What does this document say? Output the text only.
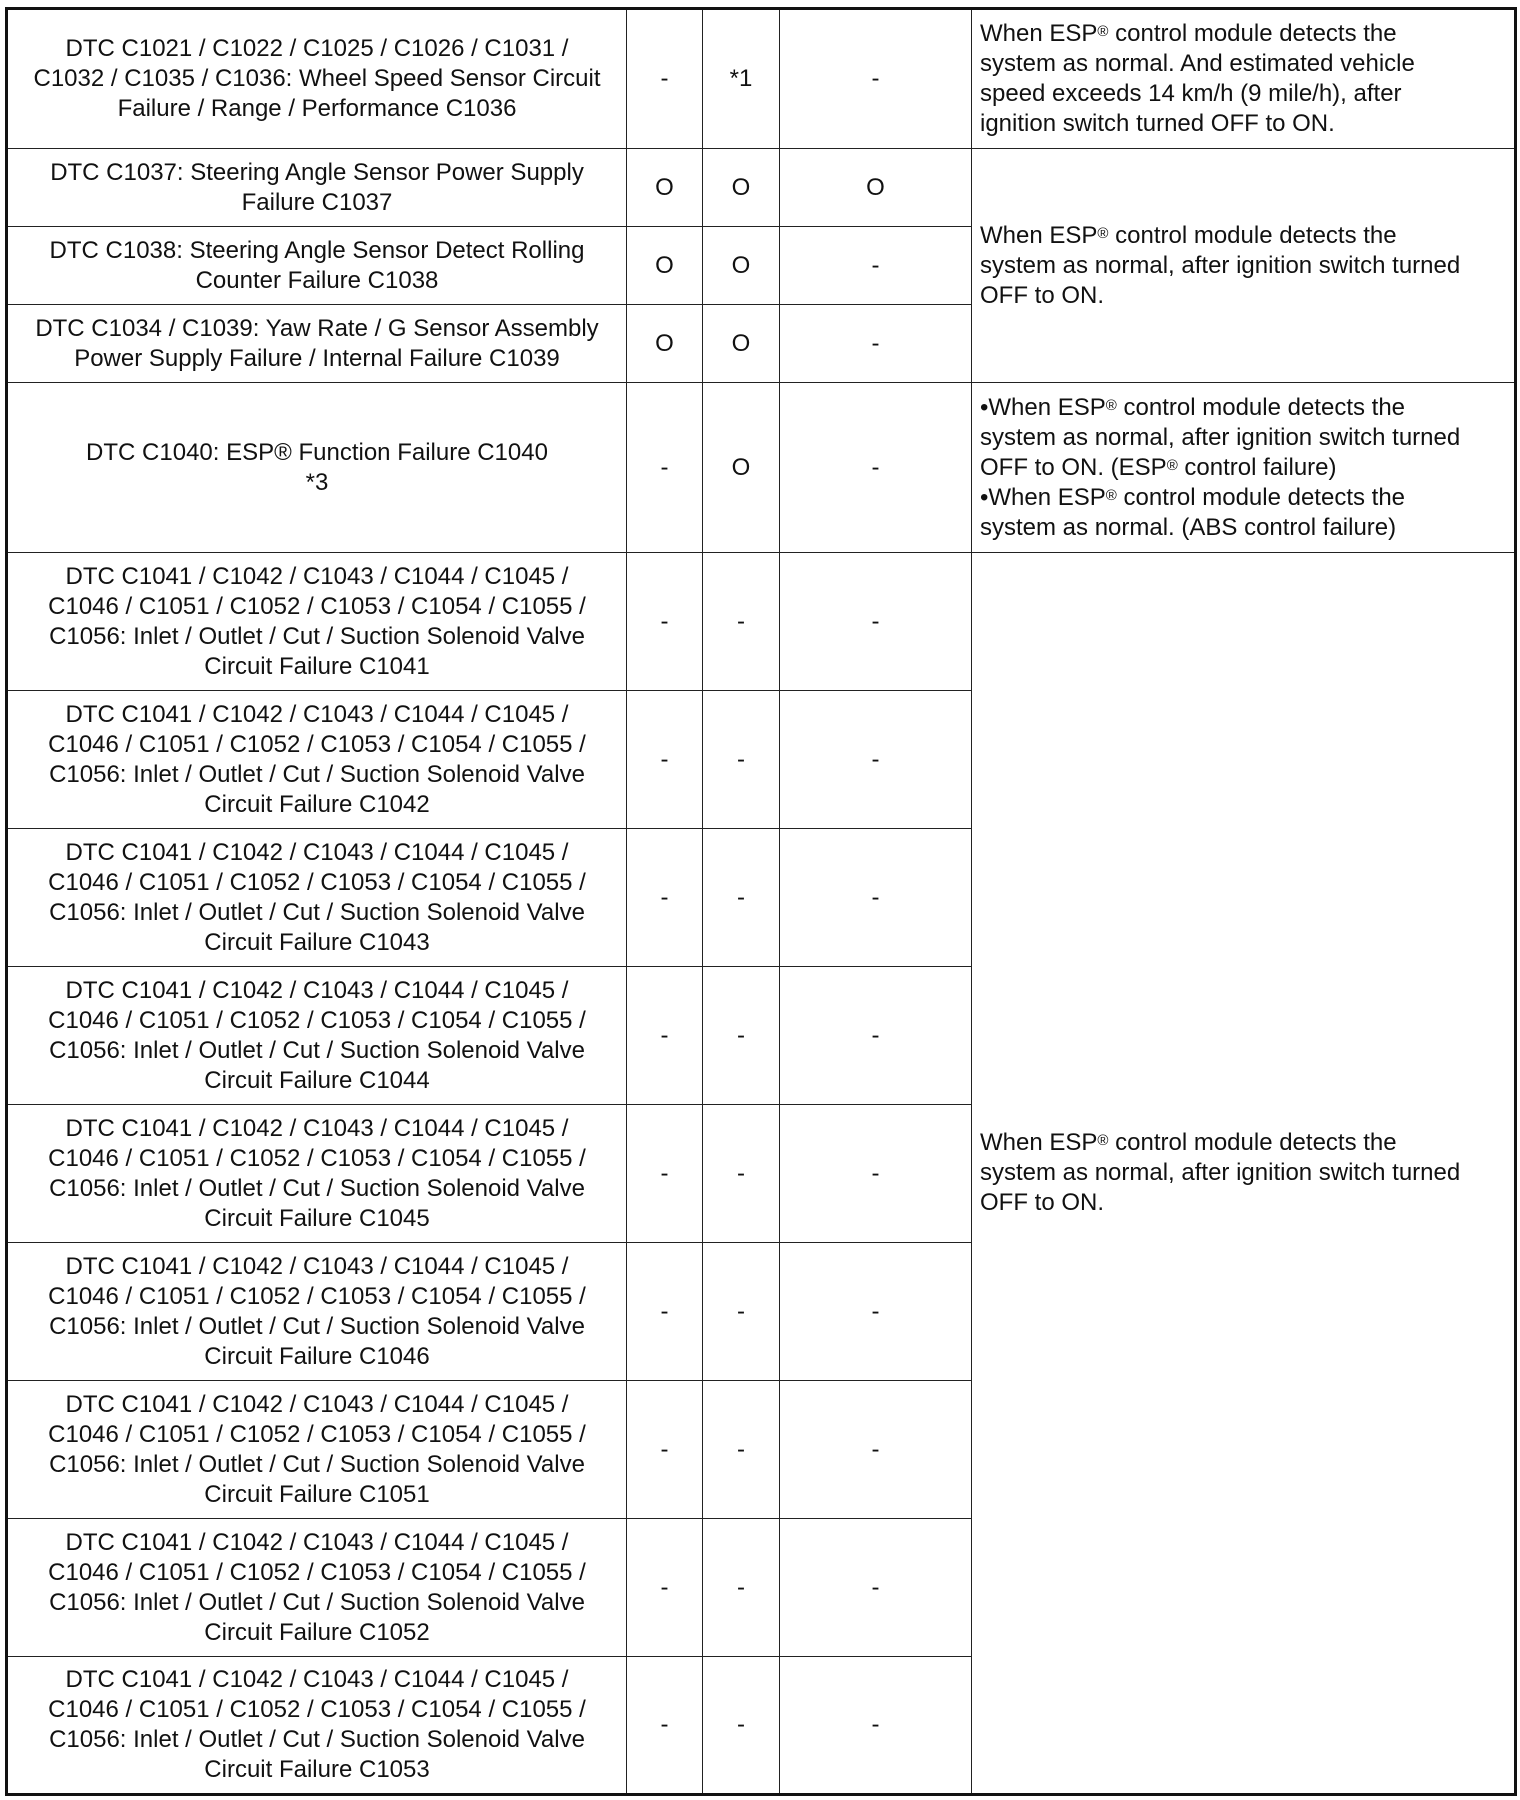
DTC C1021 / C1022 / C1025 / C1026 / C1031 /
C1032 / C1035 / C1036: Wheel Speed Sensor Circuit
Failure / Range / Performance C1036	-	*1	-	When ESP® control module detects the
system as normal. And estimated vehicle
speed exceeds 14 km/h (9 mile/h), after
ignition switch turned OFF to ON.

DTC C1037: Steering Angle Sensor Power Supply
Failure C1037	O	O	O	When ESP® control module detects the
system as normal, after ignition switch turned
OFF to ON.

DTC C1038: Steering Angle Sensor Detect Rolling
Counter Failure C1038	O	O	-	

DTC C1034 / C1039: Yaw Rate / G Sensor Assembly
Power Supply Failure / Internal Failure C1039	O	O	-	

DTC C1040: ESP® Function Failure C1040
*3	-	O	-	•When ESP® control module detects the
system as normal, after ignition switch turned
OFF to ON. (ESP® control failure)
•When ESP® control module detects the
system as normal. (ABS control failure)

DTC C1041 / C1042 / C1043 / C1044 / C1045 /
C1046 / C1051 / C1052 / C1053 / C1054 / C1055 /
C1056: Inlet / Outlet / Cut / Suction Solenoid Valve
Circuit Failure C1041	-	-	-	When ESP® control module detects the
system as normal, after ignition switch turned
OFF to ON.

DTC C1041 / C1042 / C1043 / C1044 / C1045 /
C1046 / C1051 / C1052 / C1053 / C1054 / C1055 /
C1056: Inlet / Outlet / Cut / Suction Solenoid Valve
Circuit Failure C1042	-	-	-	

DTC C1041 / C1042 / C1043 / C1044 / C1045 /
C1046 / C1051 / C1052 / C1053 / C1054 / C1055 /
C1056: Inlet / Outlet / Cut / Suction Solenoid Valve
Circuit Failure C1043	-	-	-	

DTC C1041 / C1042 / C1043 / C1044 / C1045 /
C1046 / C1051 / C1052 / C1053 / C1054 / C1055 /
C1056: Inlet / Outlet / Cut / Suction Solenoid Valve
Circuit Failure C1044	-	-	-	

DTC C1041 / C1042 / C1043 / C1044 / C1045 /
C1046 / C1051 / C1052 / C1053 / C1054 / C1055 /
C1056: Inlet / Outlet / Cut / Suction Solenoid Valve
Circuit Failure C1045	-	-	-	

DTC C1041 / C1042 / C1043 / C1044 / C1045 /
C1046 / C1051 / C1052 / C1053 / C1054 / C1055 /
C1056: Inlet / Outlet / Cut / Suction Solenoid Valve
Circuit Failure C1046	-	-	-	

DTC C1041 / C1042 / C1043 / C1044 / C1045 /
C1046 / C1051 / C1052 / C1053 / C1054 / C1055 /
C1056: Inlet / Outlet / Cut / Suction Solenoid Valve
Circuit Failure C1051	-	-	-	

DTC C1041 / C1042 / C1043 / C1044 / C1045 /
C1046 / C1051 / C1052 / C1053 / C1054 / C1055 /
C1056: Inlet / Outlet / Cut / Suction Solenoid Valve
Circuit Failure C1052	-	-	-	

DTC C1041 / C1042 / C1043 / C1044 / C1045 /
C1046 / C1051 / C1052 / C1053 / C1054 / C1055 /
C1056: Inlet / Outlet / Cut / Suction Solenoid Valve
Circuit Failure C1053	-	-	-	
